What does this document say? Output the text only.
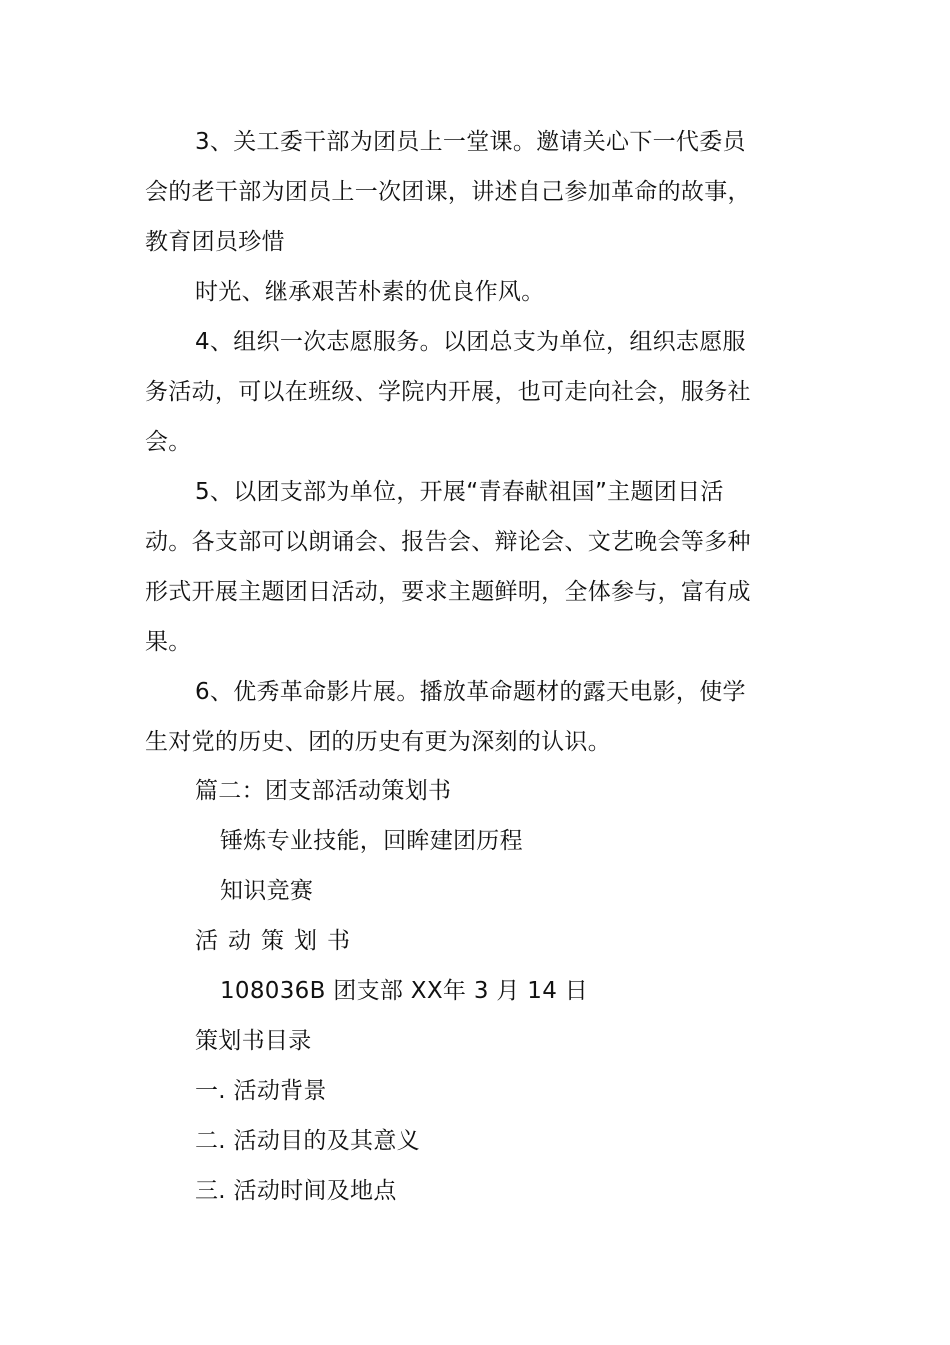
3、关工委干部为团员上一堂课。邀请关心下一代委员
会的老干部为团员上一次团课，讲述自己参加革命的故事，
教育团员珍惜
时光、继承艰苦朴素的优良作风。
4、组织一次志愿服务。以团总支为单位，组织志愿服
务活动，可以在班级、学院内开展，也可走向社会，服务社
会。
5、以团支部为单位，开展“青春献祖国”主题团日活
动。各支部可以朗诵会、报告会、辩论会、文艺晚会等多种
形式开展主题团日活动，要求主题鲜明，全体参与，富有成
果。
6、优秀革命影片展。播放革命题材的露天电影，使学
生对党的历史、团的历史有更为深刻的认识。
篇二：团支部活动策划书
锤炼专业技能，回眸建团历程
知识竞赛
活动策划书
108036B 团支部 XX年 3 月 14 日
策划书目录
一. 活动背景
二. 活动目的及其意义
三. 活动时间及地点
